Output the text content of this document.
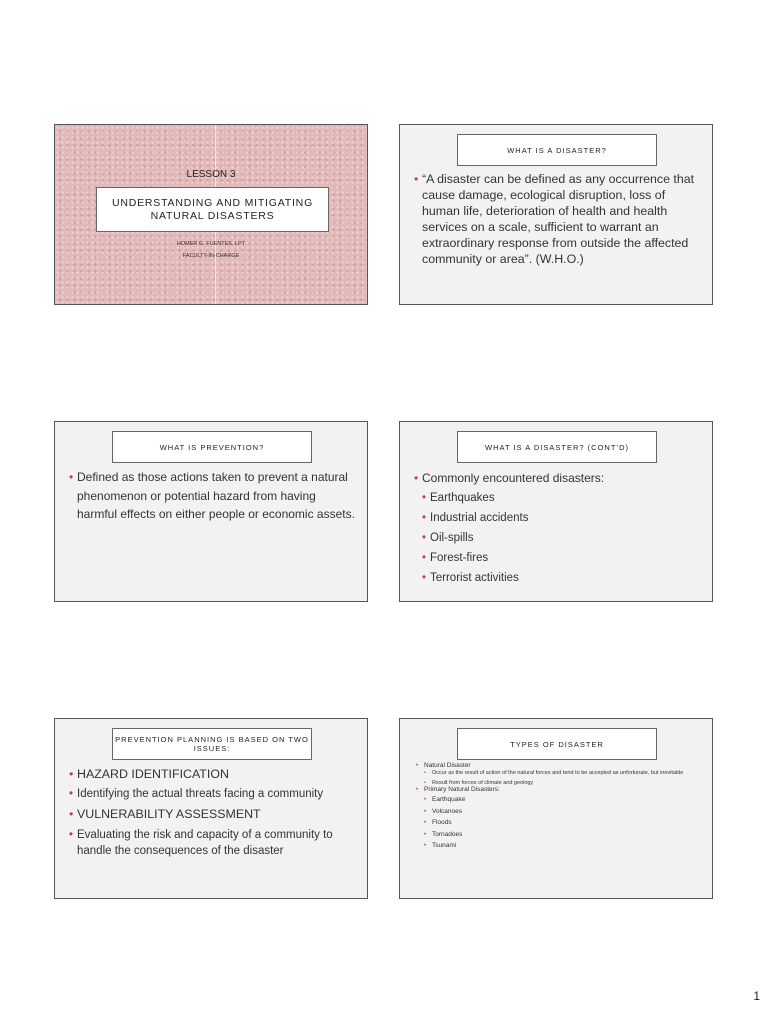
LESSON 3
UNDERSTANDING AND MITIGATING NATURAL DISASTERS
HOMER G. FUENTES, LPT
FACULTY-IN-CHARGE
WHAT IS A DISASTER?
• “A disaster can be defined as any occurrence that cause damage, ecological disruption, loss of human life, deterioration of health and health services on a scale, sufficient to warrant an extraordinary response from outside the affected community or area”. (W.H.O.)
WHAT IS PREVENTION?
• Defined as those actions taken to prevent a natural phenomenon or potential hazard from having harmful effects on either people or economic assets.
WHAT IS A DISASTER? (CONT’D)
• Commonly encountered disasters:
• Earthquakes
• Industrial accidents
• Oil-spills
• Forest-fires
• Terrorist activities
PREVENTION PLANNING IS BASED ON TWO ISSUES:
• HAZARD IDENTIFICATION
• Identifying the actual threats facing a community
• VULNERABILITY ASSESSMENT
• Evaluating the risk and capacity of a community to handle the consequences of the disaster
TYPES OF DISASTER
• Natural Disaster
• Occur as the result of action of the natural forces and tend to be accepted as unfortunate, but inevitable
• Result from forces of climate and geology
• Primary Natural Disasters:
• Earthquake
• Volcanoes
• Floods
• Tornadoes
• Tsunami
1
